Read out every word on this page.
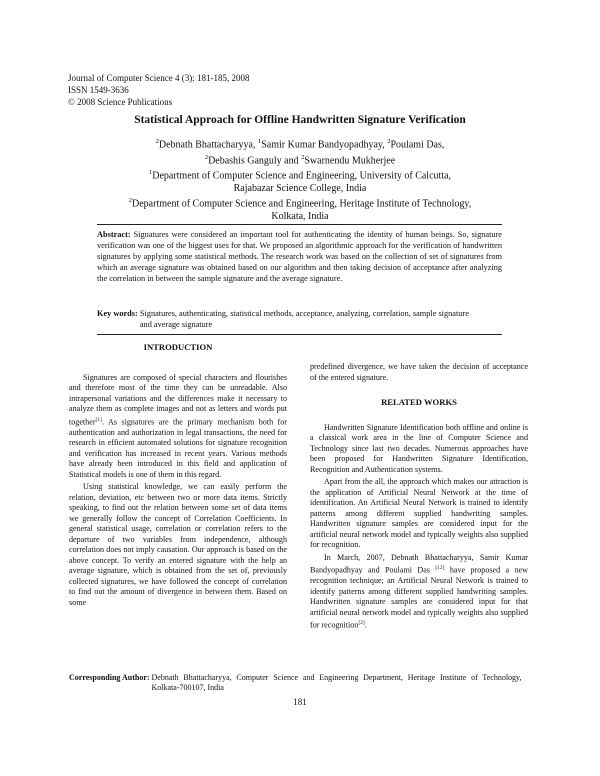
Journal of Computer Science 4 (3): 181-185, 2008
ISSN 1549-3636
© 2008 Science Publications
Statistical Approach for Offline Handwritten Signature Verification
$^2$Debnath Bhattacharyya, $^1$Samir Kumar Bandyopadhyay, $^2$Poulami Das,
$^2$Debashis Ganguly and $^2$Swarnendu Mukherjee
$^1$Department of Computer Science and Engineering, University of Calcutta,
Rajabazar Science College, India
$^2$Department of Computer Science and Engineering, Heritage Institute of Technology,
Kolkata, India
Abstract: Signatures were considered an important tool for authenticating the identity of human beings. So, signature verification was one of the biggest uses for that. We proposed an algorithmic approach for the verification of handwritten signatures by applying some statistical methods. The research work was based on the collection of set of signatures from which an average signature was obtained based on our algorithm and then taking decision of acceptance after analyzing the correlation in between the sample signature and the average signature.
Key words: Signatures, authenticating, statistical methods, acceptance, analyzing, correlation, sample signature and average signature
INTRODUCTION

Signatures are composed of special characters and flourishes and therefore most of the time they can be unreadable. Also intrapersonal variations and the differences make it necessary to analyze them as complete images and not as letters and words put together[1]. As signatures are the primary mechanism both for authentication and authorization in legal transactions, the need for research in efficient automated solutions for signature recognition and verification has increased in recent years. Various methods have already been introduced in this field and application of Statistical models is one of them in this regard.

Using statistical knowledge, we can easily perform the relation, deviation, etc between two or more data items. Strictly speaking, to find out the relation between some set of data items we generally follow the concept of Correlation Coefficients. In general statistical usage, correlation or correlation refers to the departure of two variables from independence, although correlation does not imply causation. Our approach is based on the above concept. To verify an entered signature with the help an average signature, which is obtained from the set of, previously collected signatures, we have followed the concept of correlation to find out the amount of divergence in between them. Based on some

predefined divergence, we have taken the decision of acceptance of the entered signature.

RELATED WORKS

Handwritten Signature Identification both offline and online is a classical work area in the line of Computer Science and Technology since last two decades. Numerous approaches have been proposed for Handwritten Signature Identification, Recognition and Authentication systems.

Apart from the all, the approach which makes our attraction is the application of Artificial Neural Network at the time of identification. An Artificial Neural Network is trained to identify patterns among different supplied handwriting samples. Handwritten signature samples are considered input for the artificial neural network model and typically weights also supplied for recognition.

In March, 2007, Debnath Bhattacharyya, Samir Kumar Bandyopadhyay and Poulami Das [12] have proposed a new recognition technique; an Artificial Neural Network is trained to identify patterns among different supplied handwriting samples. Handwritten signature samples are considered input for that artificial neural network model and typically weights also supplied for recognition[2].

Corresponding Author: Debnath Bhattacharyya, Computer Science and Engineering Department, Heritage Institute of Technology, Kolkata-700107, India
181
